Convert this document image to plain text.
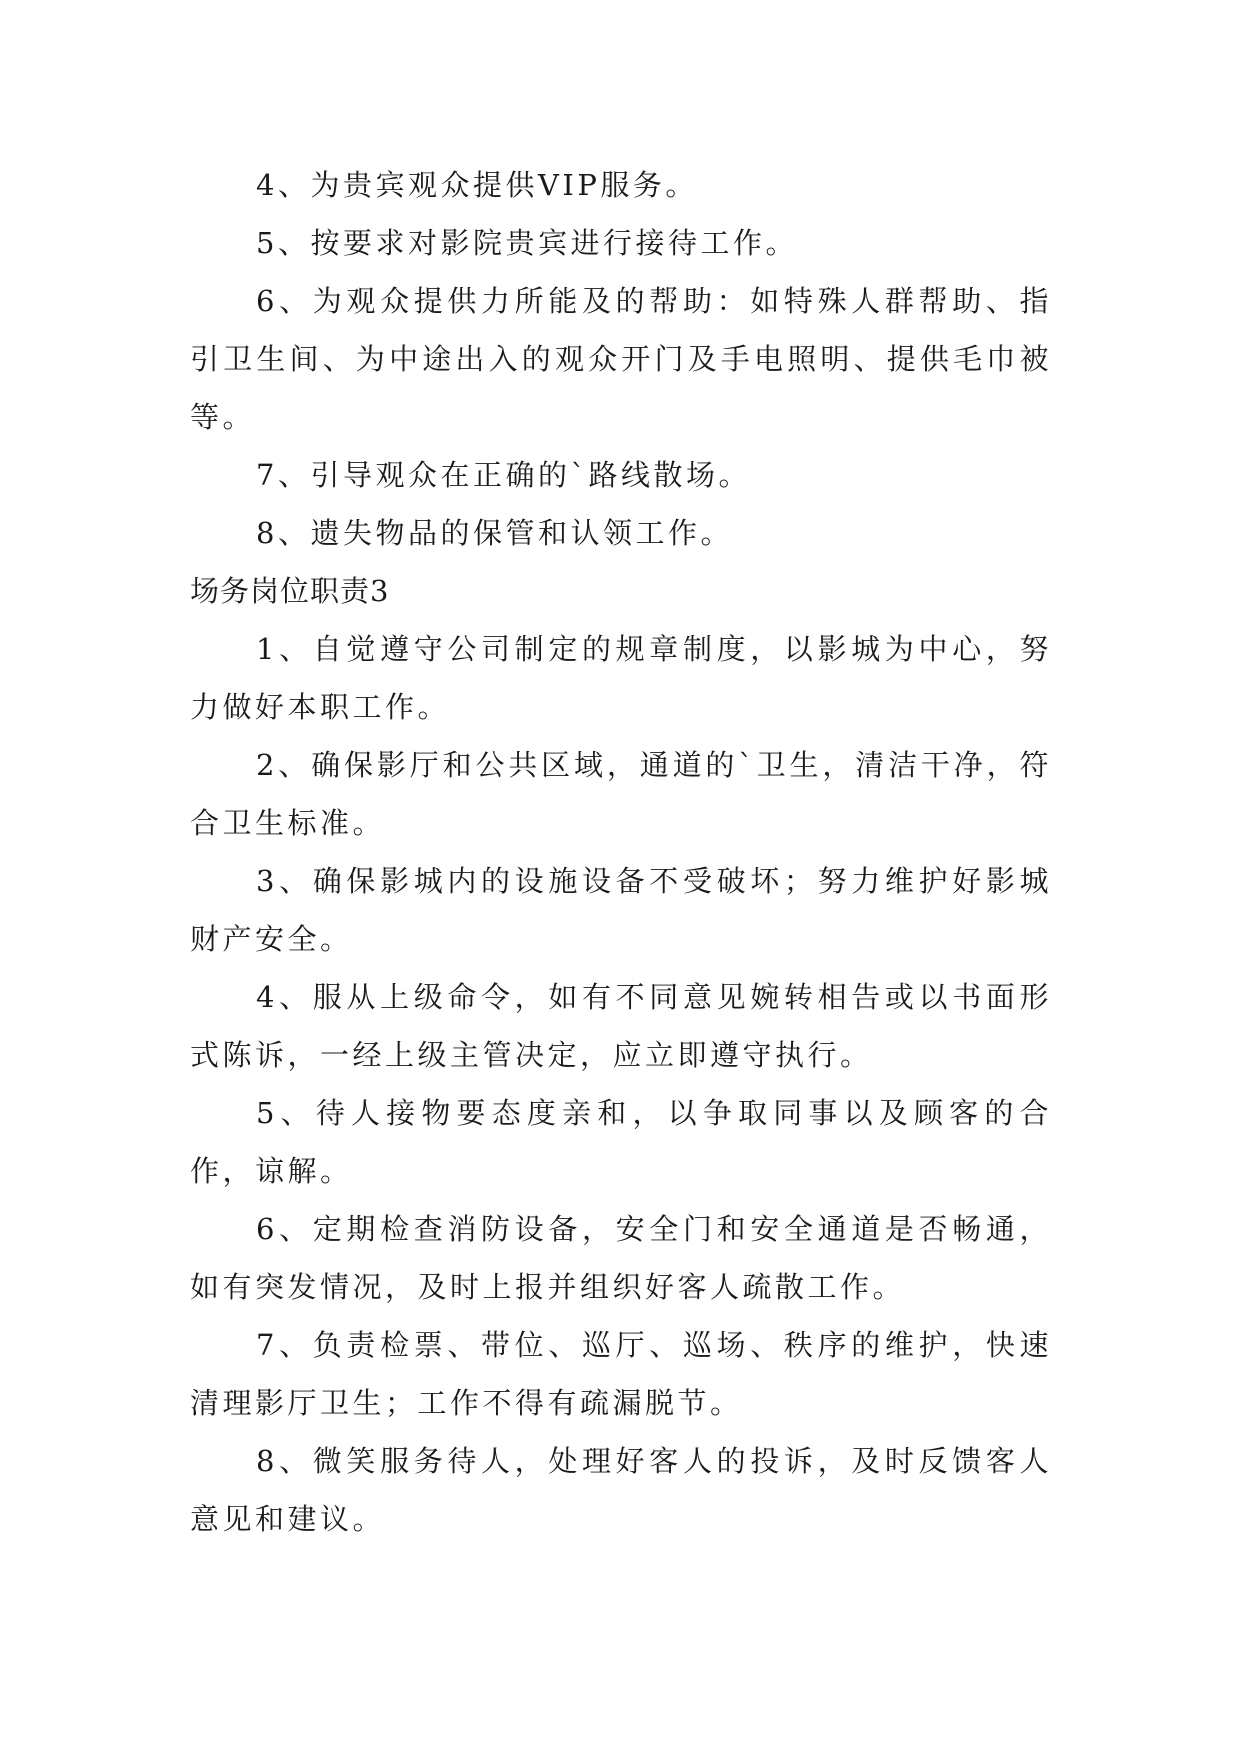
4、为贵宾观众提供VIP服务。

5、按要求对影院贵宾进行接待工作。

6、为观众提供力所能及的帮助：如特殊人群帮助、指引卫生间、为中途出入的观众开门及手电照明、提供毛巾被等。

7、引导观众在正确的`路线散场。

8、遗失物品的保管和认领工作。

场务岗位职责3

1、自觉遵守公司制定的规章制度，以影城为中心，努力做好本职工作。

2、确保影厅和公共区域，通道的`卫生，清洁干净，符合卫生标准。

3、确保影城内的设施设备不受破坏；努力维护好影城财产安全。

4、服从上级命令，如有不同意见婉转相告或以书面形式陈诉，一经上级主管决定，应立即遵守执行。

5、待人接物要态度亲和，以争取同事以及顾客的合作，谅解。

6、定期检查消防设备，安全门和安全通道是否畅通，如有突发情况，及时上报并组织好客人疏散工作。

7、负责检票、带位、巡厅、巡场、秩序的维护，快速清理影厅卫生；工作不得有疏漏脱节。

8、微笑服务待人，处理好客人的投诉，及时反馈客人意见和建议。
